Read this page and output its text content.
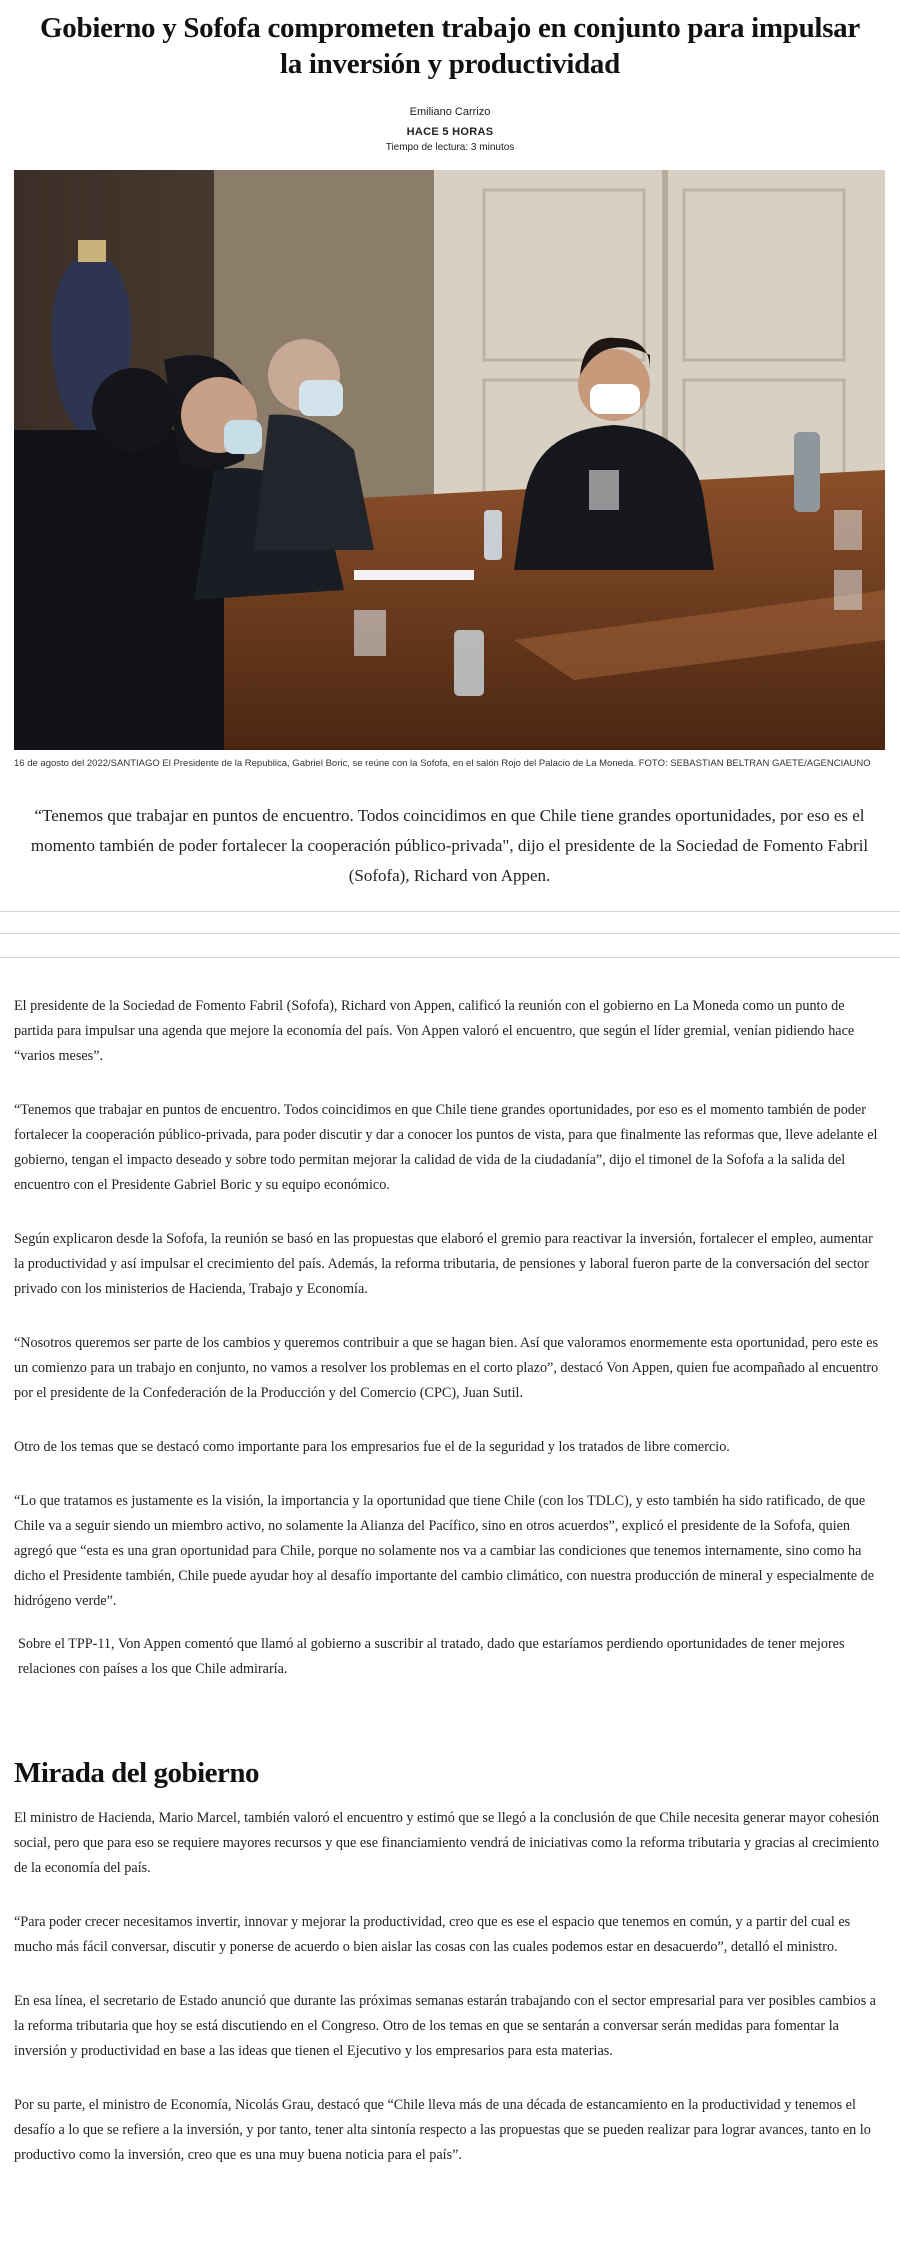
Gobierno y Sofofa comprometen trabajo en conjunto para impulsar la inversión y productividad
Emiliano Carrizo
HACE 5 HORAS
Tiempo de lectura: 3 minutos
16 de agosto del 2022/SANTIAGO El Presidente de la Republica, Gabriel Boric, se reúne con la Sofofa, en el salón Rojo del Palacio de La Moneda. FOTO: SEBASTIAN BELTRAN GAETE/AGENCIAUNO
“Tenemos que trabajar en puntos de encuentro. Todos coincidimos en que Chile tiene grandes oportunidades, por eso es el momento también de poder fortalecer la cooperación público-privada", dijo el presidente de la Sociedad de Fomento Fabril (Sofofa), Richard von Appen.

El presidente de la Sociedad de Fomento Fabril (Sofofa), Richard von Appen, calificó la reunión con el gobierno en La Moneda como un punto de partida para impulsar una agenda que mejore la economía del país. Von Appen valoró el encuentro, que según el líder gremial, venían pidiendo hace “varios meses”.

“Tenemos que trabajar en puntos de encuentro. Todos coincidimos en que Chile tiene grandes oportunidades, por eso es el momento también de poder fortalecer la cooperación público-privada, para poder discutir y dar a conocer los puntos de vista, para que finalmente las reformas que, lleve adelante el gobierno, tengan el impacto deseado y sobre todo permitan mejorar la calidad de vida de la ciudadanía”, dijo el timonel de la Sofofa a la salida del encuentro con el Presidente Gabriel Boric y su equipo económico.

Según explicaron desde la Sofofa, la reunión se basó en las propuestas que elaboró el gremio para reactivar la inversión, fortalecer el empleo, aumentar la productividad y así impulsar el crecimiento del país. Además, la reforma tributaria, de pensiones y laboral fueron parte de la conversación del sector privado con los ministerios de Hacienda, Trabajo y Economía.

“Nosotros queremos ser parte de los cambios y queremos contribuir a que se hagan bien. Así que valoramos enormemente esta oportunidad, pero este es un comienzo para un trabajo en conjunto, no vamos a resolver los problemas en el corto plazo”, destacó Von Appen, quien fue acompañado al encuentro por el presidente de la Confederación de la Producción y del Comercio (CPC), Juan Sutil.

Otro de los temas que se destacó como importante para los empresarios fue el de la seguridad y los tratados de libre comercio.

“Lo que tratamos es justamente es la visión, la importancia y la oportunidad que tiene Chile (con los TDLC), y esto también ha sido ratificado, de que Chile va a seguir siendo un miembro activo, no solamente la Alianza del Pacífico, sino en otros acuerdos”, explicó el presidente de la Sofofa, quien agregó que “esta es una gran oportunidad para Chile, porque no solamente nos va a cambiar las condiciones que tenemos internamente, sino como ha dicho el Presidente también, Chile puede ayudar hoy al desafío importante del cambio climático, con nuestra producción de mineral y especialmente de hidrógeno verde”.

Sobre el TPP-11, Von Appen comentó que llamó al gobierno a suscribir al tratado, dado que estaríamos perdiendo oportunidades de tener mejores relaciones con países a los que Chile admiraría.

Mirada del gobierno

El ministro de Hacienda, Mario Marcel, también valoró el encuentro y estimó que se llegó a la conclusión de que Chile necesita generar mayor cohesión social, pero que para eso se requiere mayores recursos y que ese financiamiento vendrá de iniciativas como la reforma tributaria y gracias al crecimiento de la economía del país.

“Para poder crecer necesitamos invertir, innovar y mejorar la productividad, creo que es ese el espacio que tenemos en común, y a partir del cual es mucho más fácil conversar, discutir y ponerse de acuerdo o bien aislar las cosas con las cuales podemos estar en desacuerdo”, detalló el ministro.

En esa línea, el secretario de Estado anunció que durante las próximas semanas estarán trabajando con el sector empresarial para ver posibles cambios a la reforma tributaria que hoy se está discutiendo en el Congreso. Otro de los temas en que se sentarán a conversar serán medidas para fomentar la inversión y productividad en base a las ideas que tienen el Ejecutivo y los empresarios para esta materias.

Por su parte, el ministro de Economía, Nicolás Grau, destacó que “Chile lleva más de una década de estancamiento en la productividad y tenemos el desafío a lo que se refiere a la inversión, y por tanto, tener alta sintonía respecto a las propuestas que se pueden realizar para lograr avances, tanto en lo productivo como la inversión, creo que es una muy buena noticia para el país”.
